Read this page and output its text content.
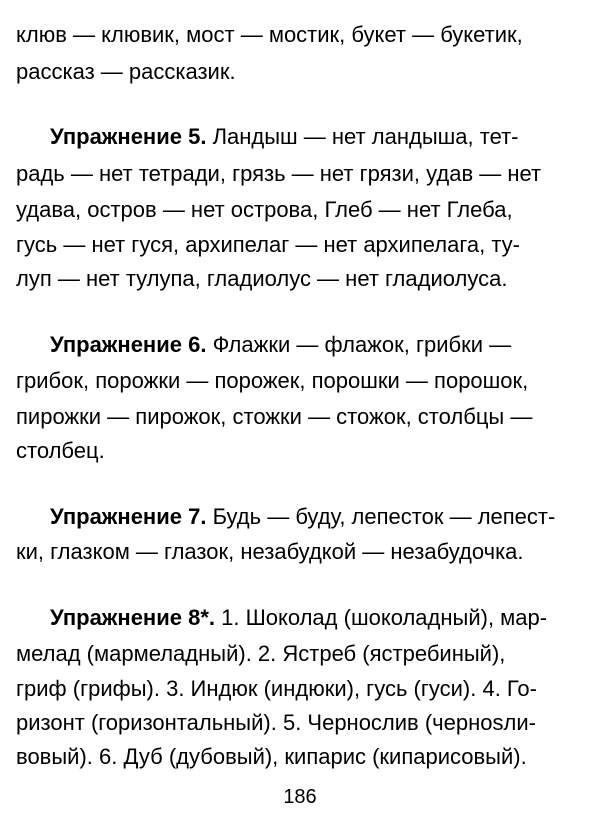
клюв — клювик, мост — мостик, букет — букетик,
рассказ — рассказик.
Упражнение 5. Ландыш — нет ландыша, тет-
радь — нет тетради, грязь — нет грязи, удав — нет
удава, остров — нет острова, Глеб — нет Глеба,
гусь — нет гуся, архипелаг — нет архипелага, ту-
луп — нет тулупа, гладиолус — нет гладиолуса.
Упражнение 6. Флажки — флажок, грибки —
грибок, порожки — порожек, порошки — порошок,
пирожки — пирожок, стожки — стожок, столбцы —
столбец.
Упражнение 7. Будь — буду, лепесток — лепест-
ки, глазком — глазок, незабудкой — незабудочка.
Упражнение 8*. 1. Шоколад (шоколадный), мар-
мелад (мармеладный). 2. Ястреб (ястребиный),
гриф (грифы). 3. Индюк (индюки), гусь (гуси). 4. Го-
ризонт (горизонтальный). 5. Чернослив (чернosли-
вовый). 6. Дуб (дубовый), кипарис (кипарисовый).
186
